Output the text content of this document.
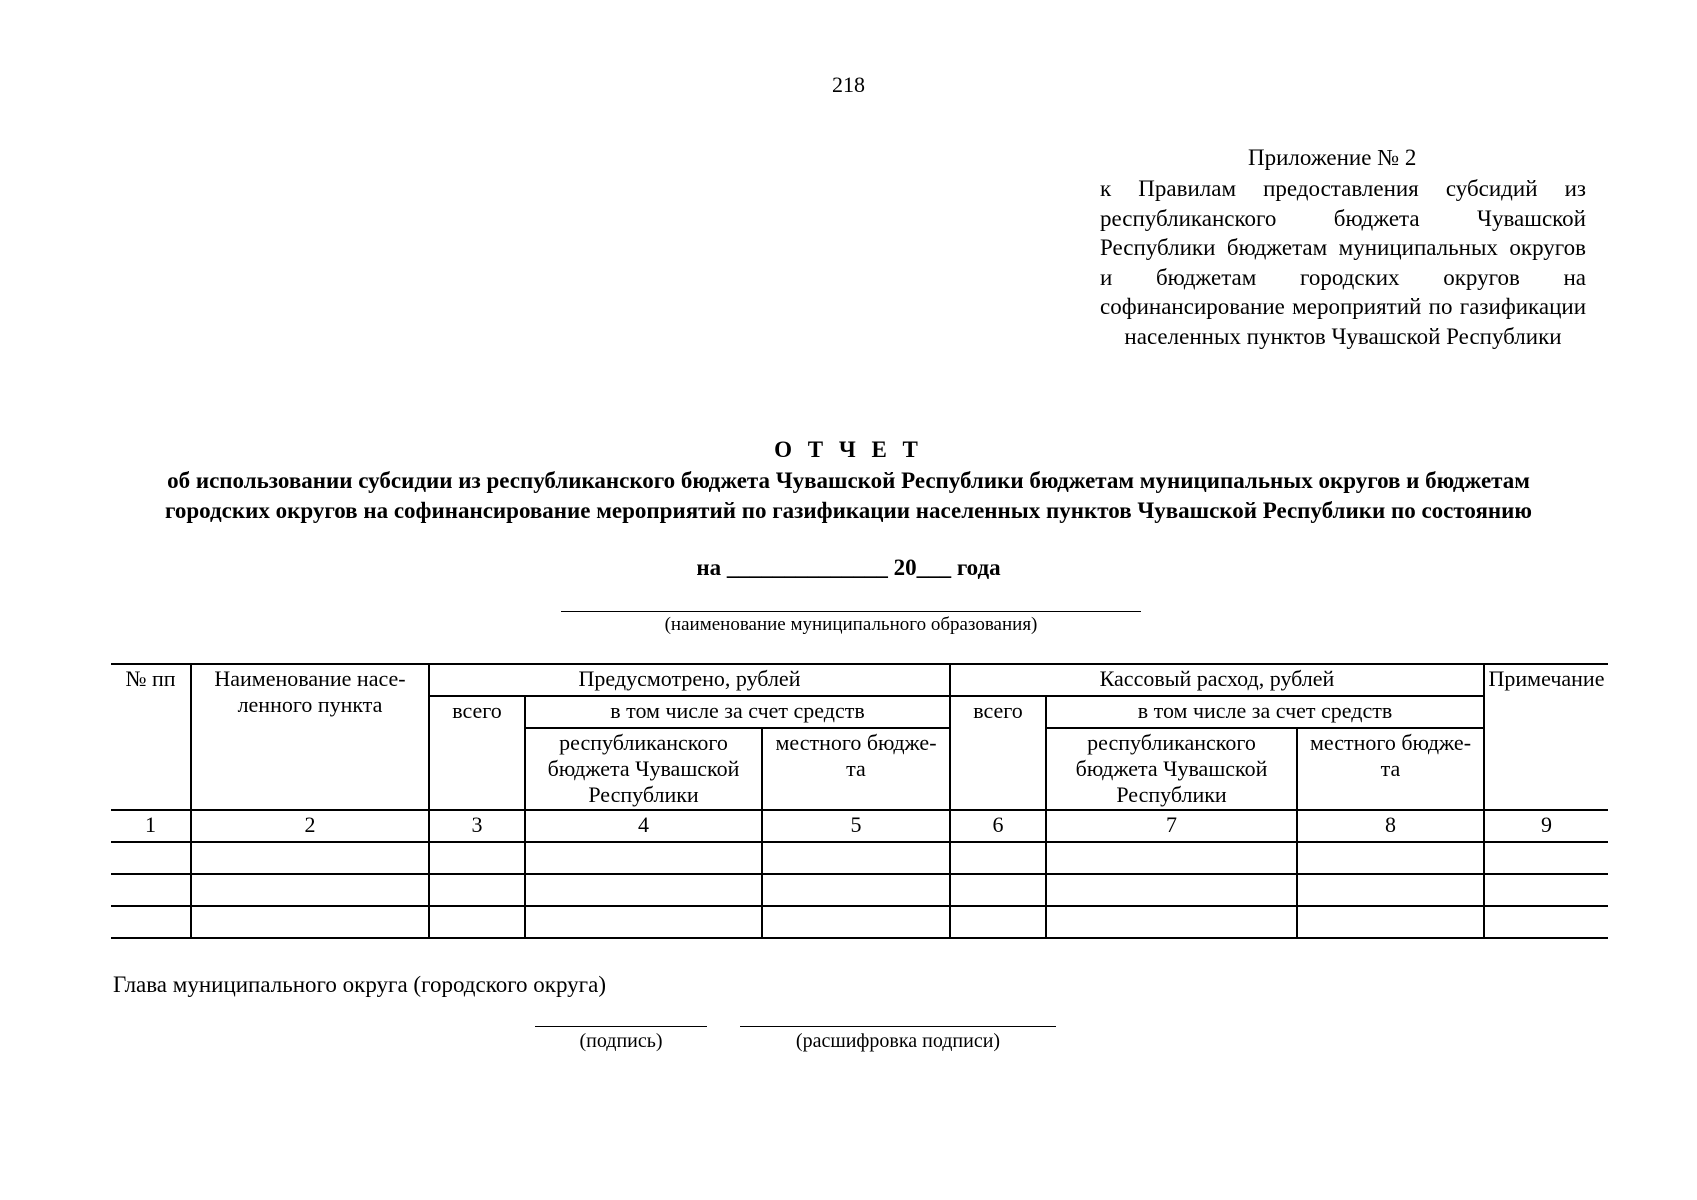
218
Приложение № 2
к Правилам предоставления субсидий из республиканского бюджета Чувашской Республики бюджетам муниципальных округов и бюджетам городских округов на софинансирование мероприятий по газификации населенных пунктов Чувашской Республики
О Т Ч Е Т
об использовании субсидии из республиканского бюджета Чувашской Республики бюджетам муниципальных округов и бюджетам городских округов на софинансирование мероприятий по газификации населенных пунктов Чувашской Республики по состоянию
на ______________ 20___ года
(наименование муниципального образования)
№ пп	Наименование насе-ленного пункта	Предусмотрено, рублей			Кассовый расход, рублей			Примечание
		всего	в том числе за счет средств		всего	в том числе за счет средств		
			республиканского бюджета Чувашской Республики	местного бюдже-та		республиканского бюджета Чувашской Республики	местного бюдже-та	
1	2	3	4	5	6	7	8	9

Глава муниципального округа (городского округа)
(подпись)	(расшифровка подписи)
